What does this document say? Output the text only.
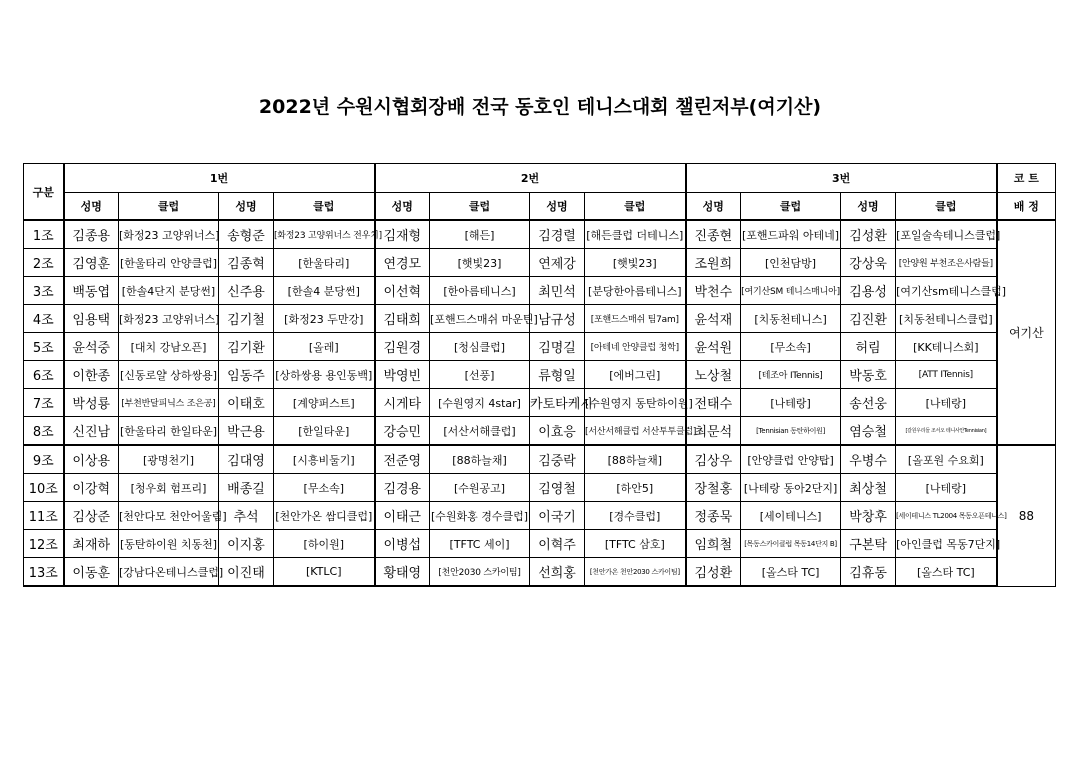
2022년 수원시협회장배 전국 동호인 테니스대회 챌린저부(여기산)
구분	1번				2번				3번				코 트
	성명	클럽	성명	클럽	성명	클럽	성명	클럽	성명	클럽	성명	클럽	배 정
1조	김종용	[화정23 고양위너스]	송형준	[화정23 고양위너스 전우치]	김재형	[해든]	김경렬	[해든클럽 더테니스]	진종현	[포핸드파워 아테네]	김성환	[포일술속테니스클럽]	여기산
2조	김영훈	[한울타리 안양클럽]	김종혁	[한울타리]	연경모	[햇빛23]	연제강	[햇빛23]	조원희	[인천담방]	강상욱	[안양원 부천조은사람들]	
3조	백동엽	[한솔4단지 분당썬]	신주용	[한솔4 분당썬]	이선혁	[한아름테니스]	최민석	[분당한아름테니스]	박천수	[여기산SM 테니스매니아]	김용성	[여기산sm테니스클럽]	
4조	임용택	[화정23 고양위너스]	김기철	[화정23 두만강]	김태희	[포핸드스매쉬 마운틴]	남규성	[포핸드스매쉬 팀7am]	윤석재	[치동천테니스]	김진환	[치동천테니스클럽]	
5조	윤석중	[대치 강남오픈]	김기환	[올레]	김원경	[청심클럽]	김명길	[아테네 안양클럽 청학]	윤석원	[무소속]	허림	[KK테니스회]	
6조	이한종	[신동로얄 상하쌍용]	임동주	[상하쌍용 용인동백]	박영빈	[선풍]	류형일	[에버그린]	노상철	[테조아 ITennis]	박동호	[ATT ITennis]	
7조	박성룡	[부천반달피닉스 조은공]	이태호	[계양퍼스트]	시게타	[수원영지 4star]	카토타케시	[수원영지 동탄하이원]	전태수	[나테랑]	송선웅	[나테랑]	
8조	신진남	[한울타리 한일타운]	박근용	[한일타운]	강승민	[서산서해클럽]	이효응	[서산서해클럽 서산투투클럽]	최문석	[Tennisian 동탄하이원]	염승철	[갈원우리들 조서오 테니사안Tennisian]	
9조	이상용	[광명천기]	김대영	[시흥비둘기]	전준영	[88하늘채]	김중락	[88하늘채]	김상우	[안양클럽 안양탑]	우병수	[올포원 수요회]	88
10조	이강혁	[청우회 험프리]	배종길	[무소속]	김경용	[수원공고]	김영철	[하안5]	장철홍	[나테랑 동아2단지]	최상철	[나테랑]	
11조	김상준	[천안다모 천안어울림]	추석	[천안가온 쌈디클럽]	이태근	[수원화홍 경수클럽]	이국기	[경수클럽]	정종묵	[세이테니스]	박창후	[세이테니스 TL2004 목동오픈테니스]	
12조	최재하	[동탄하이원 치동천]	이지홍	[하이원]	이병섭	[TFTC 세이]	이혁주	[TFTC 삼호]	임희철	[목동스카이클럽 목동14단지 B]	구본탁	[아인클럽 목동7단지]	
13조	이동훈	[강남다온테니스클럽]	이진태	[KTLC]	황태영	[천안2030 스카이팀]	선희홍	[천안가온 천안2030 스카이팀]	김성환	[올스타 TC]	김휴동	[올스타 TC]	
